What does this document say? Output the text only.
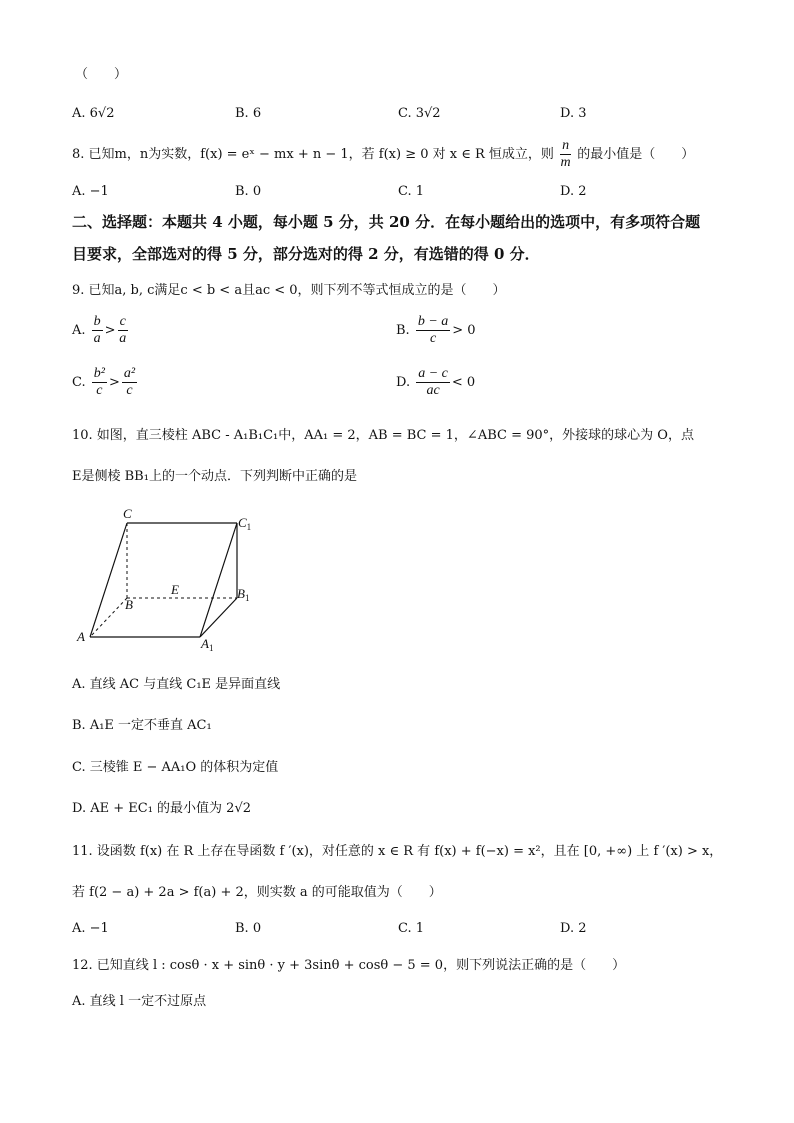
（　　）
A. 6√2	B. 6	C. 3√2	D. 3
8. 已知m，n为实数，f(x) = eˣ − mx + n − 1，若 f(x) ≥ 0 对 x ∈ R 恒成立，则 $\frac{n}{m}$ 的最小值是（　　）
A. −1	B. 0	C. 1	D. 2
二、选择题：本题共 4 小题，每小题 5 分，共 20 分．在每小题给出的选项中，有多项符合题
目要求，全部选对的得 5 分，部分选对的得 2 分，有选错的得 0 分．
9. 已知a, b, c满足c < b < a且ac < 0，则下列不等式恒成立的是（　　）
A. $\frac{b}{a} > \frac{c}{a}$	B. $\frac{b - a}{c} > 0$
C. $\frac{\text{b²}}{c} > \frac{\text{a²}}{c}$	D. $\frac{a - c}{ac} < 0$
10. 如图，直三棱柱 ABC - A₁B₁C₁中，AA₁ = 2，AB = BC = 1，∠ABC = 90°，外接球的球心为 O，点
E是侧棱 BB₁上的一个动点．下列判断中正确的是
C
$C_1$
B
$B_1$
E
A	$A_1$
A. 直线 AC 与直线 C₁E 是异面直线
B. A₁E 一定不垂直 AC₁
C. 三棱锥 E − AA₁O 的体积为定值
D. AE + EC₁ 的最小值为 2√2
11. 设函数 f(x) 在 R 上存在导函数 f ′(x)，对任意的 x ∈ R 有 f(x) + f(−x) = x²，且在 [0, +∞) 上 f ′(x) > x，
若 f(2 − a) + 2a > f(a) + 2，则实数 a 的可能取值为（　　）
A. −1	B. 0	C. 1	D. 2
12. 已知直线 l : cosθ · x + sinθ · y + 3sinθ + cosθ − 5 = 0，则下列说法正确的是（　　）
A. 直线 l 一定不过原点
